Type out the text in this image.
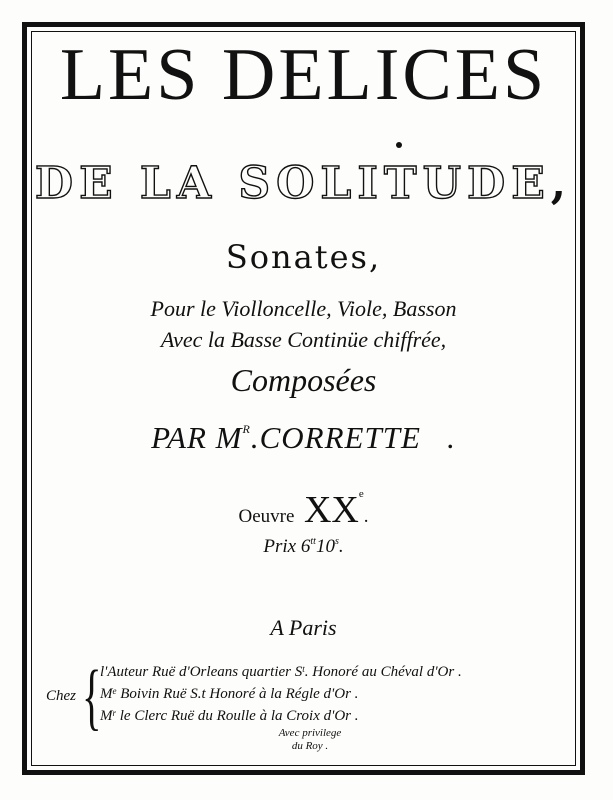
LES DELICES
DE LA SOLITUDE,
Sonates,
Pour le Violloncelle, Viole, Basson
Avec la Basse Continüe chiffrée,
Composées
PAR $M^R.CORRETTE$ .
Oeuvre XXe.
Prix $6^{tt}10^s$.
A Paris
Chez {
l'Auteur Ruë d'Orleans quartier $S^t$. Honoré au Chéval d'Or .
Me Boivin Ruë S.t Honoré à la Régle d'Or .
$M^r$ le Clerc Ruë du Roulle à la Croix d'Or .
Avec privilege
du Roy .
